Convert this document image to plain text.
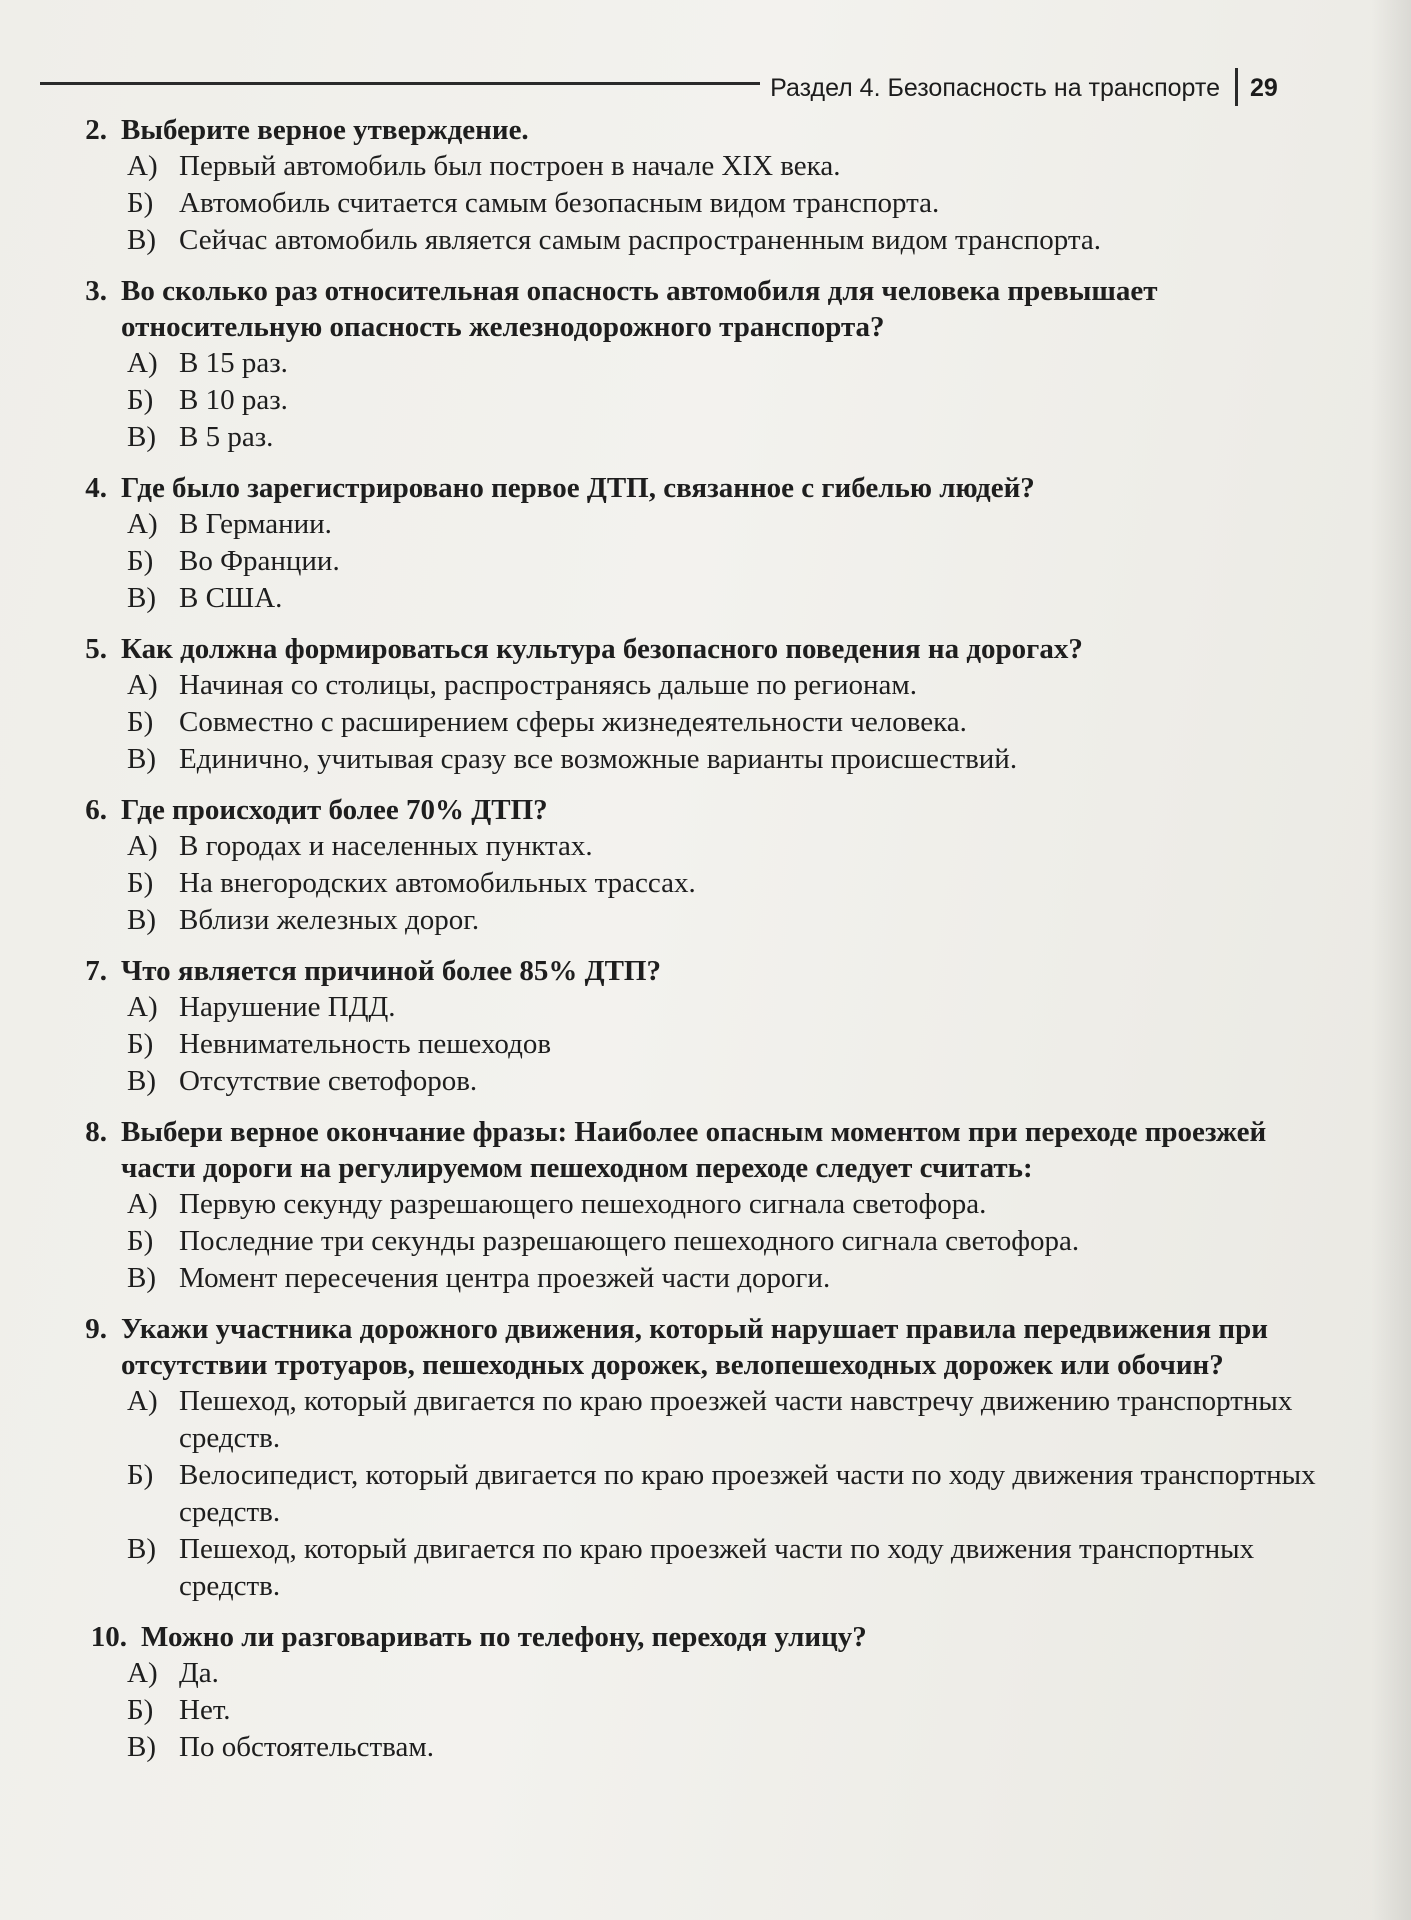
Раздел 4. Безопасность на транспорте 29
2. Выберите верное утверждение.
А) Первый автомобиль был построен в начале XIX века.
Б) Автомобиль считается самым безопасным видом транспорта.
В) Сейчас автомобиль является самым распространенным видом транспорта.
3. Во сколько раз относительная опасность автомобиля для человека превышает относительную опасность железнодорожного транспорта?
А) В 15 раз.
Б) В 10 раз.
В) В 5 раз.
4. Где было зарегистрировано первое ДТП, связанное с гибелью людей?
А) В Германии.
Б) Во Франции.
В) В США.
5. Как должна формироваться культура безопасного поведения на дорогах?
А) Начиная со столицы, распространяясь дальше по регионам.
Б) Совместно с расширением сферы жизнедеятельности человека.
В) Единично, учитывая сразу все возможные варианты происшествий.
6. Где происходит более 70% ДТП?
А) В городах и населенных пунктах.
Б) На внегородских автомобильных трассах.
В) Вблизи железных дорог.
7. Что является причиной более 85% ДТП?
А) Нарушение ПДД.
Б) Невнимательность пешеходов
В) Отсутствие светофоров.
8. Выбери верное окончание фразы: Наиболее опасным моментом при переходе проезжей части дороги на регулируемом пешеходном переходе следует считать:
А) Первую секунду разрешающего пешеходного сигнала светофора.
Б) Последние три секунды разрешающего пешеходного сигнала светофора.
В) Момент пересечения центра проезжей части дороги.
9. Укажи участника дорожного движения, который нарушает правила передвижения при отсутствии тротуаров, пешеходных дорожек, велопешеходных дорожек или обочин?
А) Пешеход, который двигается по краю проезжей части навстречу движению транспортных средств.
Б) Велосипедист, который двигается по краю проезжей части по ходу движения транспортных средств.
В) Пешеход, который двигается по краю проезжей части по ходу движения транспортных средств.
10. Можно ли разговаривать по телефону, переходя улицу?
А) Да.
Б) Нет.
В) По обстоятельствам.
